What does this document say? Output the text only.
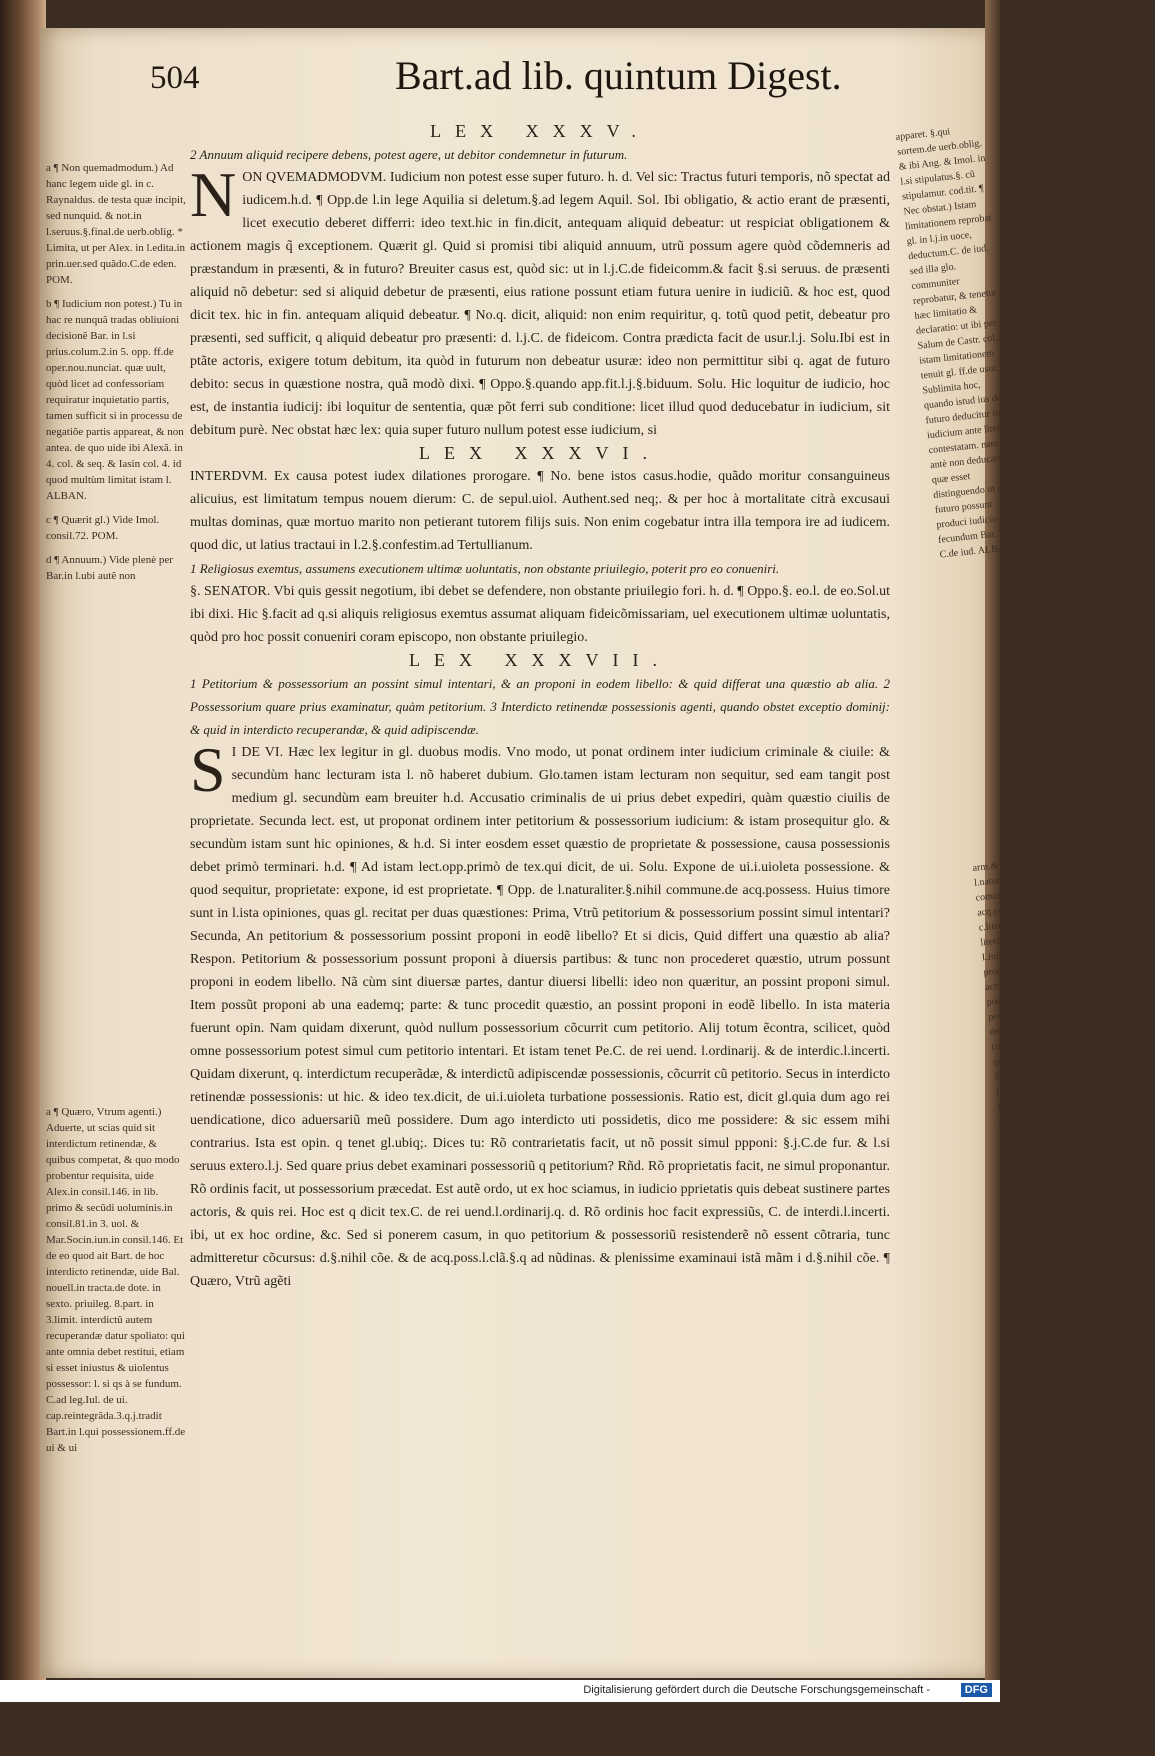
504	Bart.ad lib. quintum Digest.

LEX XXXV.

2 Annuum aliquid recipere debens, potest agere, ut debitor condemnetur in futurum.

NON QVEMADMODVM. Iudicium non potest esse super futuro. h. d. Vel sic: Tractus futuri temporis, nõ spectat ad iudicem.h.d. ¶ Opp.de l.in lege Aquilia si deletum.§.ad legem Aquil. Sol. Ibi obligatio, & actio erant de præsenti, licet executio deberet differri: ideo text.hic in fin.dicit, antequam aliquid debeatur: ut respiciat obligationem & actionem magis q̃ exceptionem. Quærit gl. Quid si promisi tibi aliquid annuum, utrũ possum agere quòd cõdemneris ad præstandum in præsenti, & in futuro? Breuiter casus est, quòd sic: ut in l.j.C.de fideicomm.& facit §.si seruus. de præsenti aliquid nõ debetur: sed si aliquid debetur de præsenti, eius ratione possunt etiam futura uenire in iudiciũ. & hoc est, quod dicit tex. hic in fin. antequam aliquid debeatur. ¶ No.q. dicit, aliquid: non enim requiritur, q. totũ quod petit, debeatur pro præsenti, sed sufficit, q aliquid debeatur pro præsenti: d. l.j.C. de fideicom. Contra prædicta facit de usur.l.j. Solu.Ibi est in ptãte actoris, exigere totum debitum, ita quòd in futurum non debeatur usuræ: ideo non permittitur sibi q. agat de futuro debito: secus in quæstione nostra, quã modò dixi. ¶ Oppo.§.quando app.fit.l.j.§.biduum. Solu. Hic loquitur de iudicio, hoc est, de instantia iudicij: ibi loquitur de sententia, quæ põt ferri sub conditione: licet illud quod deducebatur in iudicium, sit debitum purè. Nec obstat hæc lex: quia super futuro nullum potest esse iudicium, si

LEX XXXVI.

INTERDVM. Ex causa potest iudex dilationes prorogare. ¶ No. bene istos casus.hodie, quãdo moritur consanguineus alicuius, est limitatum tempus nouem dierum: C. de sepul.uiol. Authent.sed neq;. & per hoc à mortalitate citrà excusaui multas dominas, quæ mortuo marito non petierant tutorem filijs suis. Non enim cogebatur intra illa tempora ire ad iudicem. quod dic, ut latius tractaui in l.2.§.confestim.ad Tertullianum.

1 Religiosus exemtus, assumens executionem ultimæ uoluntatis, non obstante priuilegio, poterit pro eo conueniri.

§. SENATOR. Vbi quis gessit negotium, ibi debet se defendere, non obstante priuilegio fori. h. d. ¶ Oppo.§. eo.l. de eo.Sol.ut ibi dixi. Hic §.facit ad q.si aliquis religiosus exemtus assumat aliquam fideicõmissariam, uel executionem ultimæ uoluntatis, quòd pro hoc possit conueniri coram episcopo, non obstante priuilegio.

LEX XXXVII.

1 Petitorium & possessorium an possint simul intentari, & an proponi in eodem libello: & quid differat una quæstio ab alia. 2 Possessorium quare prius examinatur, quàm petitorium. 3 Interdicto retinendæ possessionis agenti, quando obstet exceptio dominij: & quid in interdicto recuperandæ, & quid adipiscendæ.

S I DE VI. Hæc lex legitur in gl. duobus modis. Vno modo, ut ponat ordinem inter iudicium criminale & ciuile: & secundùm hanc lecturam ista l. nõ haberet dubium. Glo.tamen istam lecturam non sequitur, sed eam tangit post medium gl. secundùm eam breuiter h.d. Accusatio criminalis de ui prius debet expediri, quàm quæstio ciuilis de proprietate. Secunda lect. est, ut proponat ordinem inter petitorium & possessorium iudicium: & istam prosequitur glo. & secundùm istam sunt hic opiniones, & h.d. Si inter eosdem esset quæstio de proprietate & possessione, causa possessionis debet primò terminari. h.d. ¶ Ad istam lect.opp.primò de tex.qui dicit, de ui. Solu. Expone de ui.i.uioleta possessione. & quod sequitur, proprietate: expone, id est proprietate. ¶ Opp. de l.naturaliter.§.nihil commune.de acq.possess. Huius timore sunt in l.ista opiniones, quas gl. recitat per duas quæstiones: Prima, Vtrũ petitorium & possessorium possint simul intentari? Secunda, An petitorium & possessorium possint proponi in eodẽ libello? Et si dicis, Quid differt una quæstio ab alia? Respon. Petitorium & possessorium possunt proponi à diuersis partibus: & tunc non procederet quæstio, utrum possunt proponi in eodem libello. Nã cùm sint diuersæ partes, dantur diuersi libelli: ideo non quæritur, an possint proponi simul. Item possũt proponi ab una eademq; parte: & tunc procedit quæstio, an possint proponi in eodẽ libello. In ista materia fuerunt opin. Nam quidam dixerunt, quòd nullum possessorium cõcurrit cum petitorio. Alij totum ẽcontra, scilicet, quòd omne possessorium potest simul cum petitorio intentari. Et istam tenet Pe.C. de rei uend. l.ordinarij. & de interdic.l.incerti. Quidam dixerunt, q. interdictum recuperãdæ, & interdictũ adipiscendæ possessionis, cõcurrit cũ petitorio. Secus in interdicto retinendæ possessionis: ut hic. & ideo tex.dicit, de ui.i.uioleta turbatione possessionis. Ratio est, dicit gl.quia dum ago rei uendicatione, dico aduersariũ meũ possidere. Dum ago interdicto uti possidetis, dico me possidere: & sic essem mihi contrarius. Ista est opin. q tenet gl.ubiq;. Dices tu: Rõ contrarietatis facit, ut nõ possit simul ppponi: §.j.C.de fur. & l.si seruus extero.l.j. Sed quare prius debet examinari possessoriũ q petitorium? Rñd. Rõ proprietatis facit, ne simul proponantur. Rõ ordinis facit, ut possessorium præcedat. Est autẽ ordo, ut ex hoc sciamus, in iudicio pprietatis quis debeat sustinere partes actoris, & quis rei. Hoc est q dicit tex.C. de rei uend.l.ordinarij.q. d. Rõ ordinis hoc facit expressiũs, C. de interdi.l.incerti. ibi, ut ex hoc ordine, &c. Sed si ponerem casum, in quo petitorium & possessoriũ resistenderẽ nõ essent cõtraria, tunc admitteretur cõcursus: d.§.nihil cõe. & de acq.poss.l.clã.§.q ad nũdinas. & plenissime examinaui istã mãm i d.§.nihil cõe. ¶ Quæro, Vtrũ agẽti

a ¶ Non quemadmodum.) Ad hanc legem uide gl. in c. Raynaldus. de testa quæ incipit, sed nunquid. & not.in l.seruus.§.final.de uerb.oblig. * Limita, ut per Alex. in l.edita.in prin.uer.sed quãdo.C.de eden. POM.

b ¶ Iudicium non potest.) Tu in hac re nunquã tradas obliuioni decisionẽ Bar. in l.si prius.colum.2.in 5. opp. ff.de oper.nou.nunciat. quæ uult, quòd licet ad confessoriam requiratur inquietatio partis, tamen sufficit si in processu de negatiõe partis appareat, & non antea. de quo uide ibi Alexã. in 4. col. & seq. & Iasin col. 4. id quod multùm limitat istam l. ALBAN.

c ¶ Quærit gl.) Vide Imol. consil.72. POM.

d ¶ Annuum.) Vide plenè per Bar.in l.ubi autẽ non

a ¶ Quæro, Vtrum agenti.) Aduerte, ut scias quid sit interdictum retinendæ, & quibus competat, & quo modo probentur requisita, uide Alex.in consil.146. in lib. primo & secũdi uoluminis.in consil.81.in 3. uol. & Mar.Socin.iun.in consil.146. Et de eo quod ait Bart. de hoc interdicto retinendæ, uide Bal. nouell.in tracta.de dote. in sexto. priuileg. 8.part. in 3.limit. interdictũ autem recuperandæ datur spoliato: qui ante omnia debet restitui, etiam si esset iniustus & uiolentus possessor: l. si qs à se fundum. C.ad leg.Iul. de ui. cap.reintegrãda.3.q.j.tradit Bart.in l.qui possessionem.ff.de ui & ui

apparet. §.qui sortem.de uerb.oblig. & ibi Ang. & Imol. in l.si stipulatus.§. cũ stipulamur. cod.tit. ¶ Nec obstat.) Istam limitationem reprobat gl. in l.j.in uoce, deductum.C. de iud. sed illa glo. communiter reprobatur, & tenetur hæc limitatio & declaratio: ut ibi per Salum de Castr. col.3. istam limitationem tenuit gl. ff.de usur. Sublimita hoc, quando istud ius de futuro deducitur in iudicium ante litem contestatam. nam si antè non deducatur, quæ esset distinguendo ut pro futuro possunt produci iudicio fecundum Bar. in d.l.j. C.de iud. ALBAN.

arm.& Dd.in l.naturaliter. §.nihil commune. ff. de acq.poss. & in c.literas. & in c.in literis.de restit.spol. Limita autem procedere, quando actoris agendi possessorio sit petitorio notorij defectu interdicti cuperandæ obstat sibi quam: c. ad decimas. ibi Io.Monac. & Ioã.And.de restit.spol. tradit Soc. in cons.87.col.pen. & fin. in 3.uol. & Fel.in c.j.col.5. terit. de actor. & in c.ad petitionem. eo.tit. quam uide omnino. Item limita, ut nõ procedat, quando restitutio fieri nõ posset sine irrecuperabili præiudicio: nam tunc si probatio dominij esset in promptu, de ipso domino cognoscendum est, & restitutio impeditur, & restitutio ponitur in socii difficultatem, quoniam propter difficultatem recuperandi, non debet fieri restitutio ab eo q. fuit spoliatus. et exemplum uide per Bar. de Cast. in l.j. C. de ediction. Adria. tollen. quem ibi Aegidius. Iaf. & Rimi. nal. qui multa adducit, cit lare de hac re habetur in cons.12. col.13. uersic.sed lia Albert.Brun. Rursus si sequi posse, si ui, scandali fa exceptione dissi possideat, secundum quod de dominio cognoscendi est, & omisso iudicio recuperandæ: ut not.dixit Anto. de Butr.

Digitalisierung gefördert durch die Deutsche Forschungsgemeinschaft -	DFG
